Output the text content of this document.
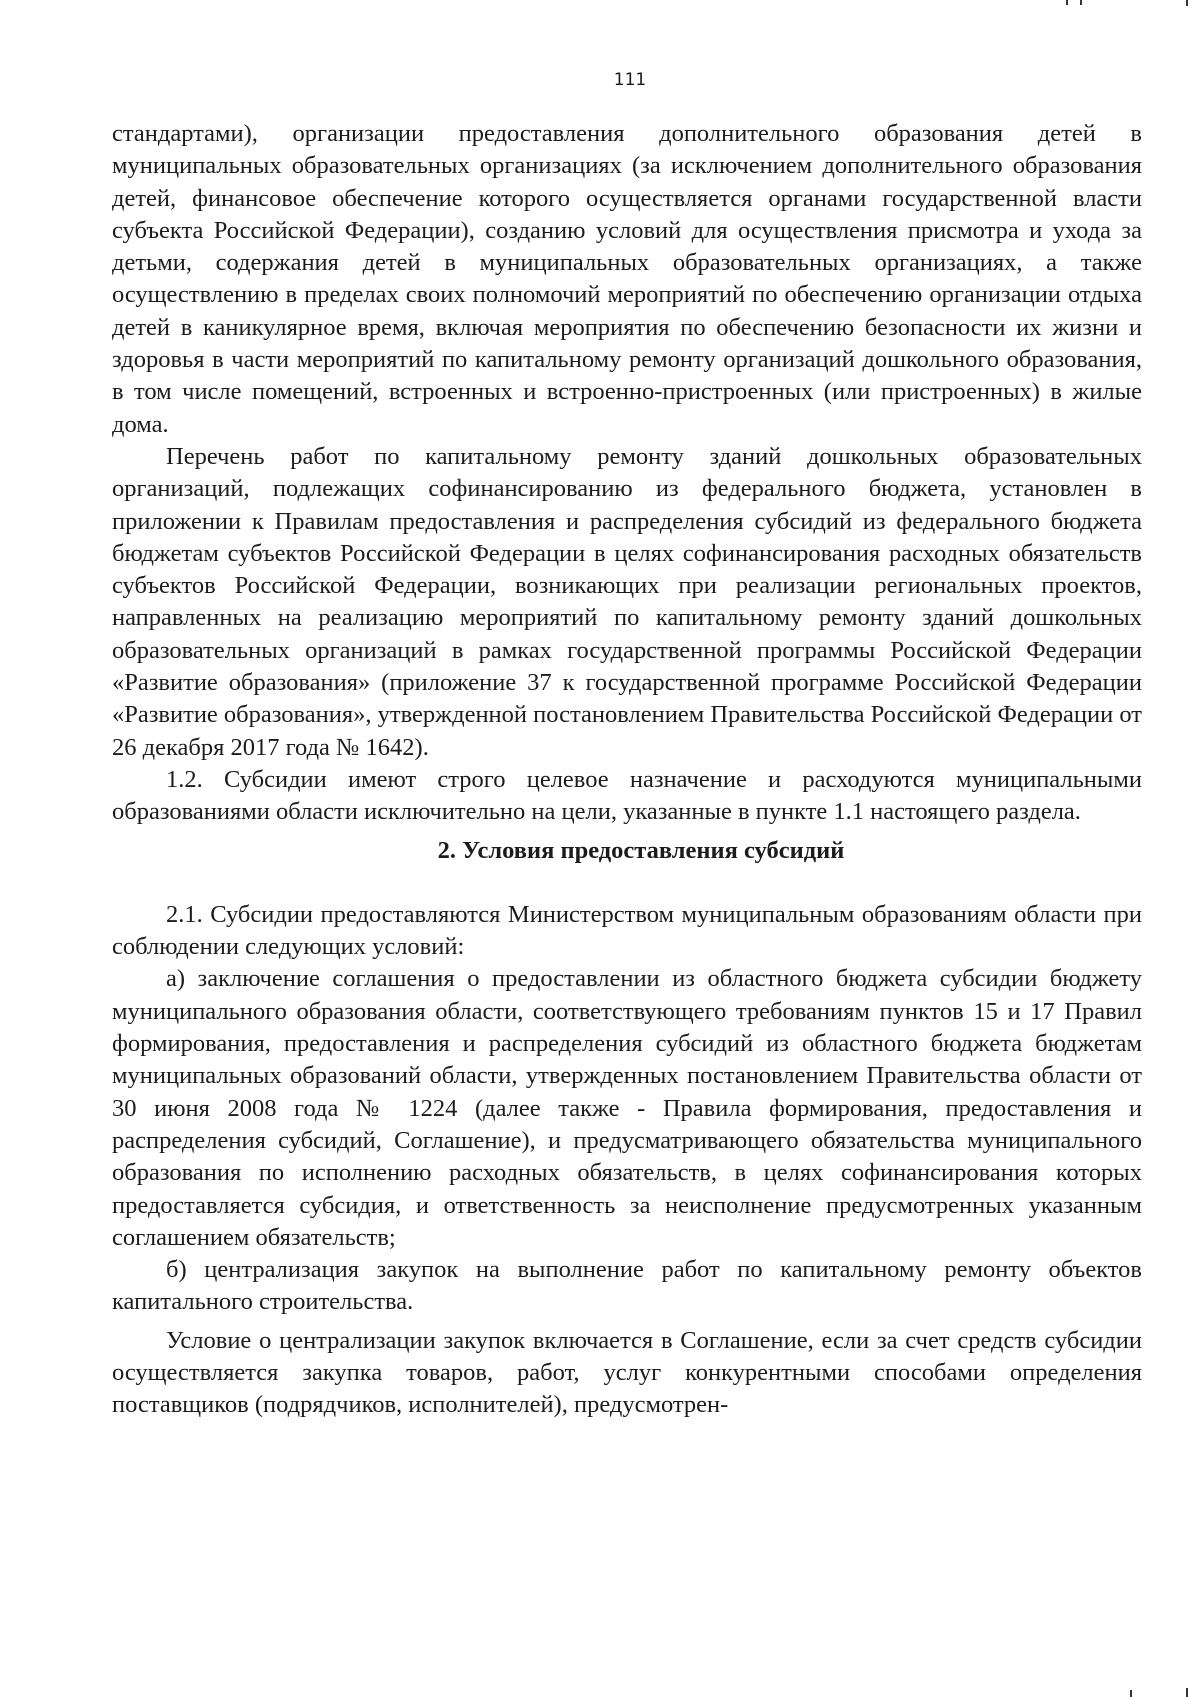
111

стандартами), организации предоставления дополнительного образования детей в муниципальных образовательных организациях (за исключением дополнительного образования детей, финансовое обеспечение которого осуществляется органами государственной власти субъекта Российской Федерации), созданию условий для осуществления присмотра и ухода за детьми, содержания детей в муниципальных образовательных организациях, а также осуществлению в пределах своих полномочий мероприятий по обеспечению организации отдыха детей в каникулярное время, включая мероприятия по обеспечению безопасности их жизни и здоровья в части мероприятий по капитальному ремонту организаций дошкольного образования, в том числе помещений, встроенных и встроенно-пристроенных (или пристроенных) в жилые дома.

Перечень работ по капитальному ремонту зданий дошкольных образовательных организаций, подлежащих софинансированию из федерального бюджета, установлен в приложении к Правилам предоставления и распределения субсидий из федерального бюджета бюджетам субъектов Российской Федерации в целях софинансирования расходных обязательств субъектов Российской Федерации, возникающих при реализации региональных проектов, направленных на реализацию мероприятий по капитальному ремонту зданий дошкольных образовательных организаций в рамках государственной программы Российской Федерации «Развитие образования» (приложение 37 к государственной программе Российской Федерации «Развитие образования», утвержденной постановлением Правительства Российской Федерации от 26 декабря 2017 года № 1642).

1.2. Субсидии имеют строго целевое назначение и расходуются муниципальными образованиями области исключительно на цели, указанные в пункте 1.1 настоящего раздела.

2. Условия предоставления субсидий

2.1. Субсидии предоставляются Министерством муниципальным образованиям области при соблюдении следующих условий:

а) заключение соглашения о предоставлении из областного бюджета субсидии бюджету муниципального образования области, соответствующего требованиям пунктов 15 и 17 Правил формирования, предоставления и распределения субсидий из областного бюджета бюджетам муниципальных образований области, утвержденных постановлением Правительства области от 30 июня 2008 года № 1224 (далее также - Правила формирования, предоставления и распределения субсидий, Соглашение), и предусматривающего обязательства муниципального образования по исполнению расходных обязательств, в целях софинансирования которых предоставляется субсидия, и ответственность за неисполнение предусмотренных указанным соглашением обязательств;

б) централизация закупок на выполнение работ по капитальному ремонту объектов капитального строительства.

Условие о централизации закупок включается в Соглашение, если за счет средств субсидии осуществляется закупка товаров, работ, услуг конкурентными способами определения поставщиков (подрядчиков, исполнителей), предусмотрен-
